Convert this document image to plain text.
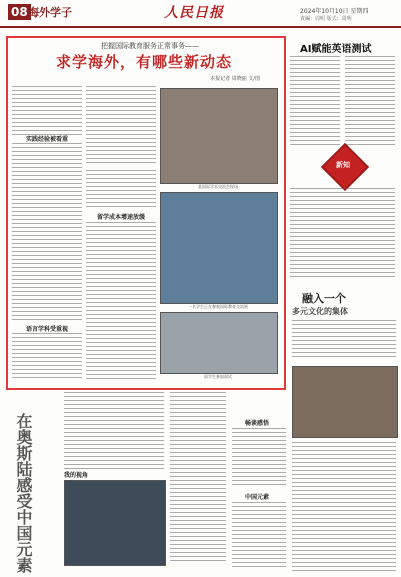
08 海外学子	人民日报	2024年10月10日 星期四
責編：周明 版式：周明
把握国际教育服务正常事务——
求学海外，有哪些新动态
本报记者 周晓丽 文/图
实践经验被看重
语言学科受重视
留学成本增速放缓
某国际学术交流会现场
一名学生正在参观国际教育交流展
留学生参加面试
AI赋能英语测试
新知
融入一个
多元文化的集体
在奥斯陆感受中国元素	我的视角
畅谈感悟
中国元素
